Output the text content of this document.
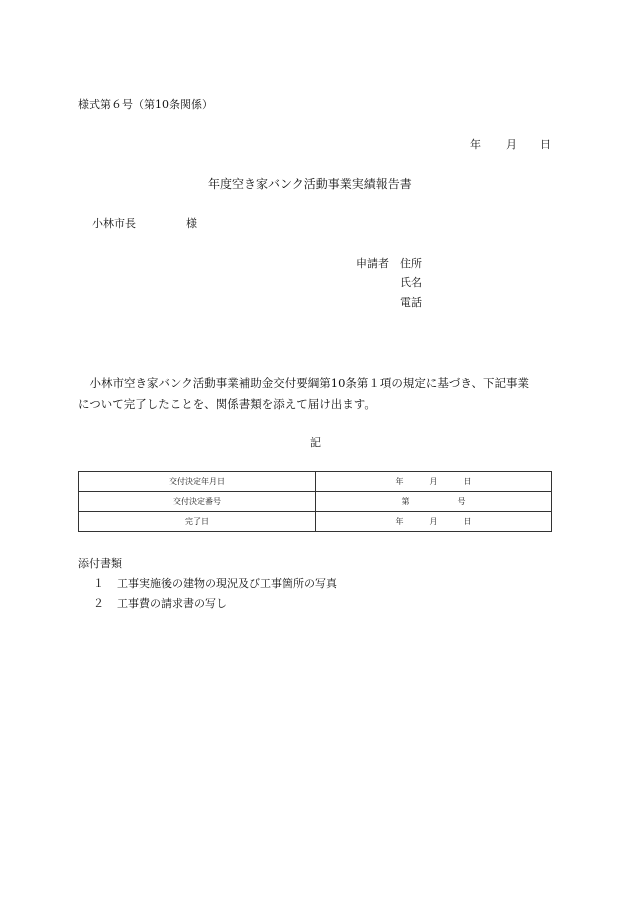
様式第６号（第10条関係）
年 月 日
年度空き家バンク活動事業実績報告書
小林市長	様
申請者 住所
氏名
電話
　小林市空き家バンク活動事業補助金交付要綱第10条第１項の規定に基づき、下記事業
について完了したことを、関係書類を添えて届け出ます。
記
交付決定年月日	年 月 日

交付決定番号	第 号

完了日	年 月 日
添付書類
１ 工事実施後の建物の現況及び工事箇所の写真
２ 工事費の請求書の写し
